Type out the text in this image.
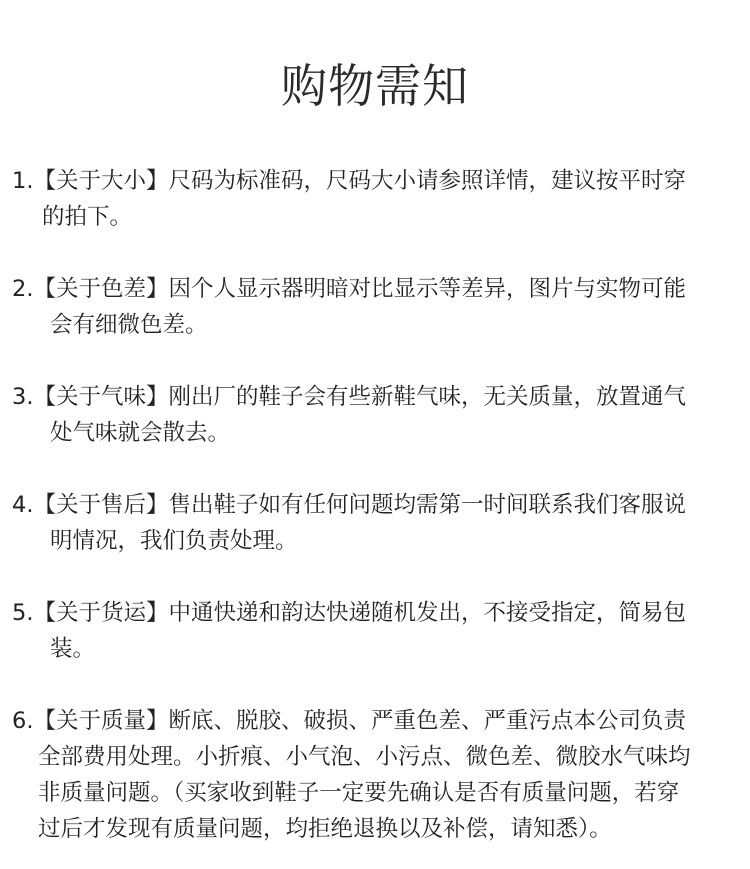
购物需知
1.【关于大小】尺码为标准码，尺码大小请参照详情，建议按平时穿
的拍下。
2.【关于色差】因个人显示器明暗对比显示等差异，图片与实物可能
会有细微色差。
3.【关于气味】刚出厂的鞋子会有些新鞋气味，无关质量，放置通气
处气味就会散去。
4.【关于售后】售出鞋子如有任何问题均需第一时间联系我们客服说
明情况，我们负责处理。
5.【关于货运】中通快递和韵达快递随机发出，不接受指定，简易包
装。
6.【关于质量】断底、脱胶、破损、严重色差、严重污点本公司负责
全部费用处理。小折痕、小气泡、小污点、微色差、微胶水气味均
非质量问题。（买家收到鞋子一定要先确认是否有质量问题，若穿
过后才发现有质量问题，均拒绝退换以及补偿，请知悉）。
